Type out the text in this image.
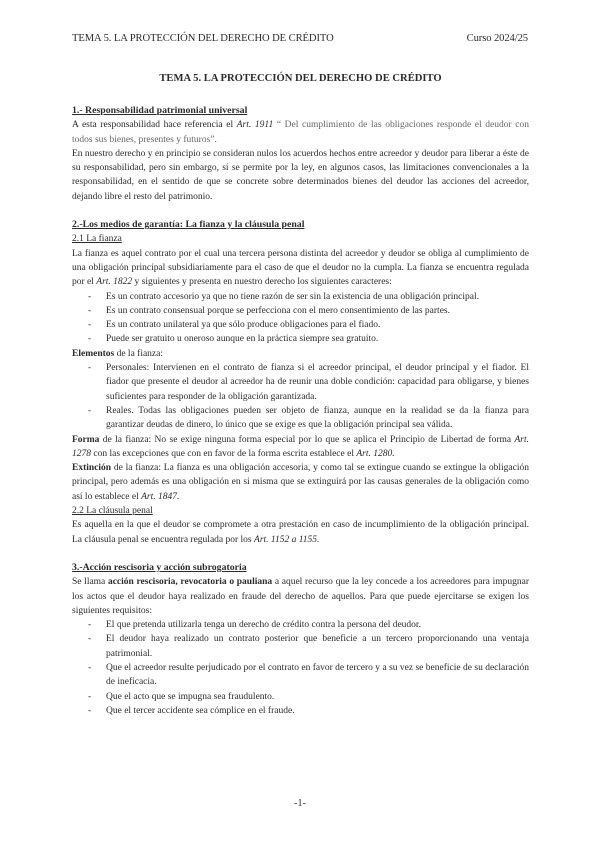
TEMA 5. LA PROTECCIÓN DEL DERECHO DE CRÉDITO	Curso 2024/25
TEMA 5. LA PROTECCIÓN DEL DERECHO DE CRÉDITO
1.- Responsabilidad patrimonial universal

A esta responsabilidad hace referencia el Art. 1911 “ Del cumplimiento de las obligaciones responde el deudor con todos sus bienes, presentes y futuros”.

En nuestro derecho y en principio se consideran nulos los acuerdos hechos entre acreedor y deudor para liberar a éste de su responsabilidad, pero sin embargo, sí se permite por la ley, en algunos casos, las limitaciones convencionales a la responsabilidad, en el sentido de que se concrete sobre determinados bienes del deudor las acciones del acreedor, dejando libre el resto del patrimonio.

2.-Los medios de garantía: La fianza y la cláusula penal
2.1 La fianza

La fianza es aquel contrato por el cual una tercera persona distinta del acreedor y deudor se obliga al cumplimiento de una obligación principal subsidiariamente para el caso de que el deudor no la cumpla. La fianza se encuentra regulada por el Art. 1822 y siguientes y presenta en nuestro derecho los siguientes caracteres:

- Es un contrato accesorio ya que no tiene razón de ser sin la existencia de una obligación principal.
- Es un contrato consensual porque se perfecciona con el mero consentimiento de las partes.
- Es un contrato unilateral ya que sólo produce obligaciones para el fiado.
- Puede ser gratuito u oneroso aunque en la práctica siempre sea gratuito.

Elementos de la fianza:

- Personales: Intervienen en el contrato de fianza si el acreedor principal, el deudor principal y el fiador. El fiador que presente el deudor al acreedor ha de reunir una doble condición: capacidad para obligarse, y bienes suficientes para responder de la obligación garantizada.
- Reales. Todas las obligaciones pueden ser objeto de fianza, aunque en la realidad se da la fianza para garantizar deudas de dinero, lo único que se exige es que la obligación principal sea válida.

Forma de la fianza: No se exige ninguna forma especial por lo que se aplica el Principio de Libertad de forma Art. 1278 con las excepciones que con en favor de la forma escrita establece el Art. 1280.

Extinción de la fianza: La fianza es una obligación accesoria, y como tal se extingue cuando se extingue la obligación principal, pero además es una obligación en si misma que se extinguirá por las causas generales de la obligación como así lo establece el Art. 1847.

2.2 La cláusula penal

Es aquella en la que el deudor se compromete a otra prestación en caso de incumplimiento de la obligación principal. La cláusula penal se encuentra regulada por los Art. 1152 a 1155.

3.-Acción rescisoria y acción subrogatoria

Se llama acción rescisoria, revocatoria o pauliana a aquel recurso que la ley concede a los acreedores para impugnar los actos que el deudor haya realizado en fraude del derecho de aquellos. Para que puede ejercitarse se exigen los siguientes requisitos:

- El que pretenda utilizarla tenga un derecho de crédito contra la persona del deudor.
- El deudor haya realizado un contrato posterior que beneficie a un tercero proporcionando una ventaja patrimonial.
- Que el acreedor resulte perjudicado por el contrato en favor de tercero y a su vez se beneficie de su declaración de ineficacia.
- Que el acto que se impugna sea fraudulento.
- Que el tercer accidente sea cómplice en el fraude.
-1-
